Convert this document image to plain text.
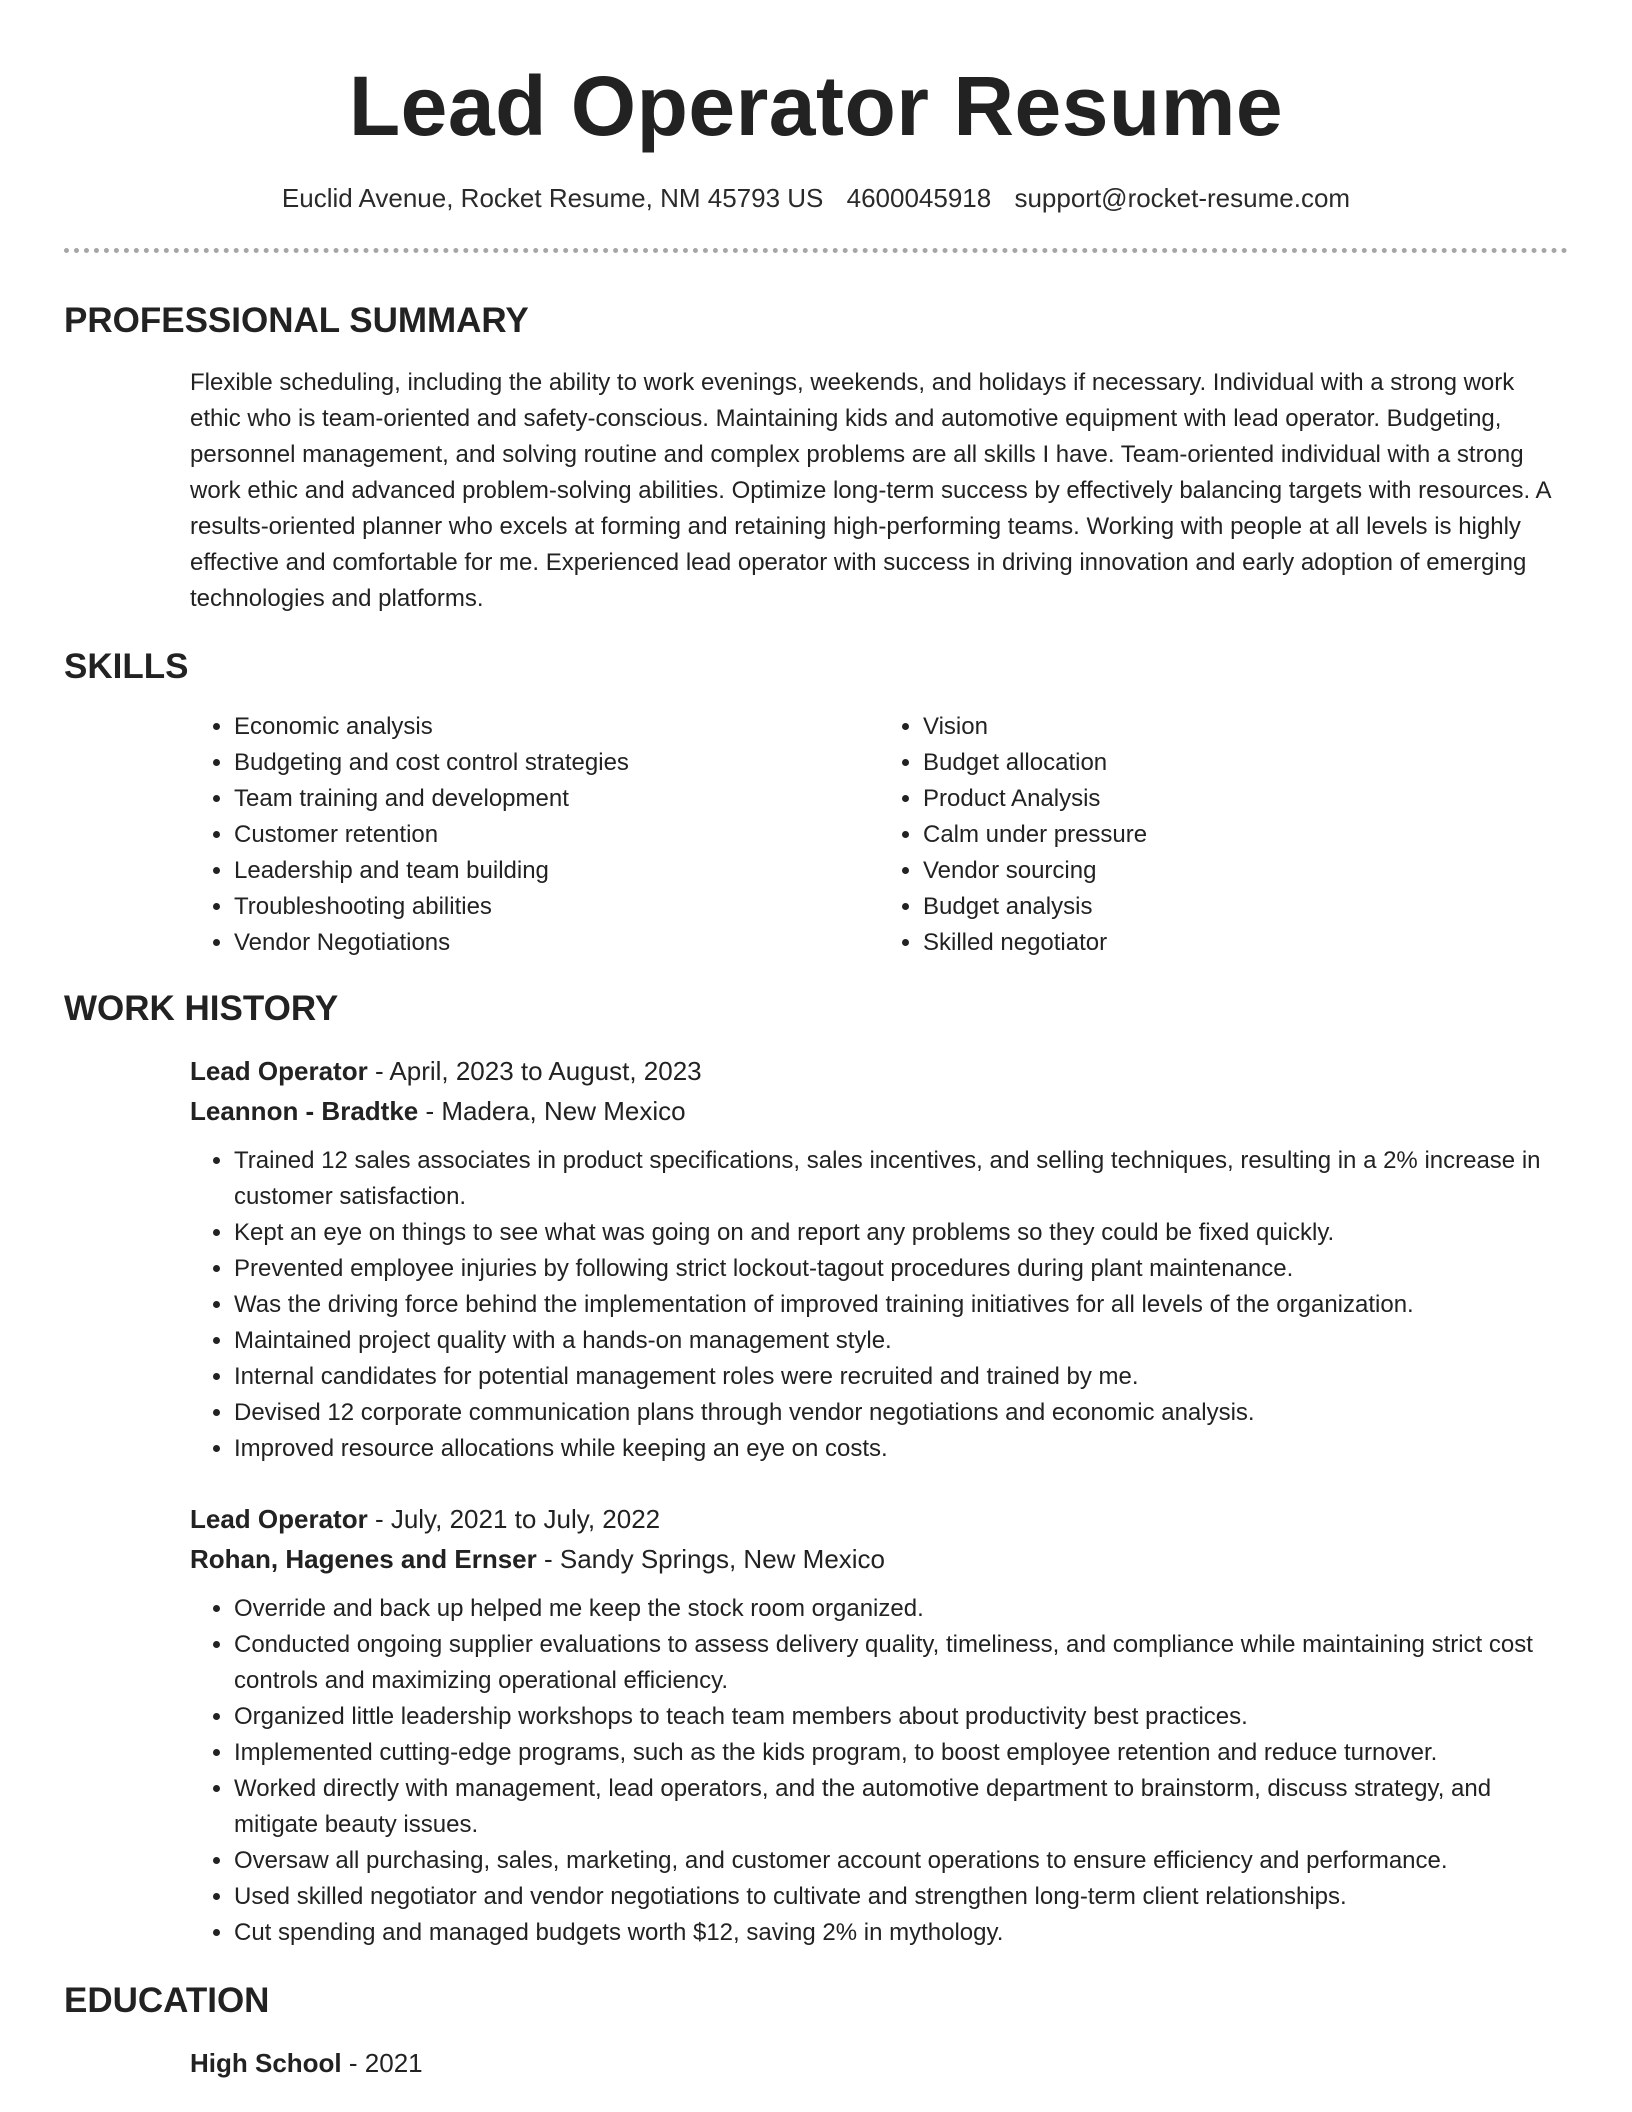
Lead Operator Resume
Euclid Avenue, Rocket Resume, NM 45793 US 4600045918 support@rocket-resume.com
PROFESSIONAL SUMMARY

Flexible scheduling, including the ability to work evenings, weekends, and holidays if necessary. Individual with a strong work ethic who is team-oriented and safety-conscious. Maintaining kids and automotive equipment with lead operator. Budgeting, personnel management, and solving routine and complex problems are all skills I have. Team-oriented individual with a strong work ethic and advanced problem-solving abilities. Optimize long-term success by effectively balancing targets with resources. A results-oriented planner who excels at forming and retaining high-performing teams. Working with people at all levels is highly effective and comfortable for me. Experienced lead operator with success in driving innovation and early adoption of emerging technologies and platforms.

SKILLS
• Economic analysis
• Budgeting and cost control strategies
• Team training and development
• Customer retention
• Leadership and team building
• Troubleshooting abilities
• Vendor Negotiations
• Vision
• Budget allocation
• Product Analysis
• Calm under pressure
• Vendor sourcing
• Budget analysis
• Skilled negotiator
WORK HISTORY
Lead Operator - April, 2023 to August, 2023
Leannon - Bradtke - Madera, New Mexico
• Trained 12 sales associates in product specifications, sales incentives, and selling techniques, resulting in a 2% increase in customer satisfaction.
• Kept an eye on things to see what was going on and report any problems so they could be fixed quickly.
• Prevented employee injuries by following strict lockout-tagout procedures during plant maintenance.
• Was the driving force behind the implementation of improved training initiatives for all levels of the organization.
• Maintained project quality with a hands-on management style.
• Internal candidates for potential management roles were recruited and trained by me.
• Devised 12 corporate communication plans through vendor negotiations and economic analysis.
• Improved resource allocations while keeping an eye on costs.
Lead Operator - July, 2021 to July, 2022
Rohan, Hagenes and Ernser - Sandy Springs, New Mexico
• Override and back up helped me keep the stock room organized.
• Conducted ongoing supplier evaluations to assess delivery quality, timeliness, and compliance while maintaining strict cost controls and maximizing operational efficiency.
• Organized little leadership workshops to teach team members about productivity best practices.
• Implemented cutting-edge programs, such as the kids program, to boost employee retention and reduce turnover.
• Worked directly with management, lead operators, and the automotive department to brainstorm, discuss strategy, and mitigate beauty issues.
• Oversaw all purchasing, sales, marketing, and customer account operations to ensure efficiency and performance.
• Used skilled negotiator and vendor negotiations to cultivate and strengthen long-term client relationships.
• Cut spending and managed budgets worth $12, saving 2% in mythology.
EDUCATION
High School - 2021
